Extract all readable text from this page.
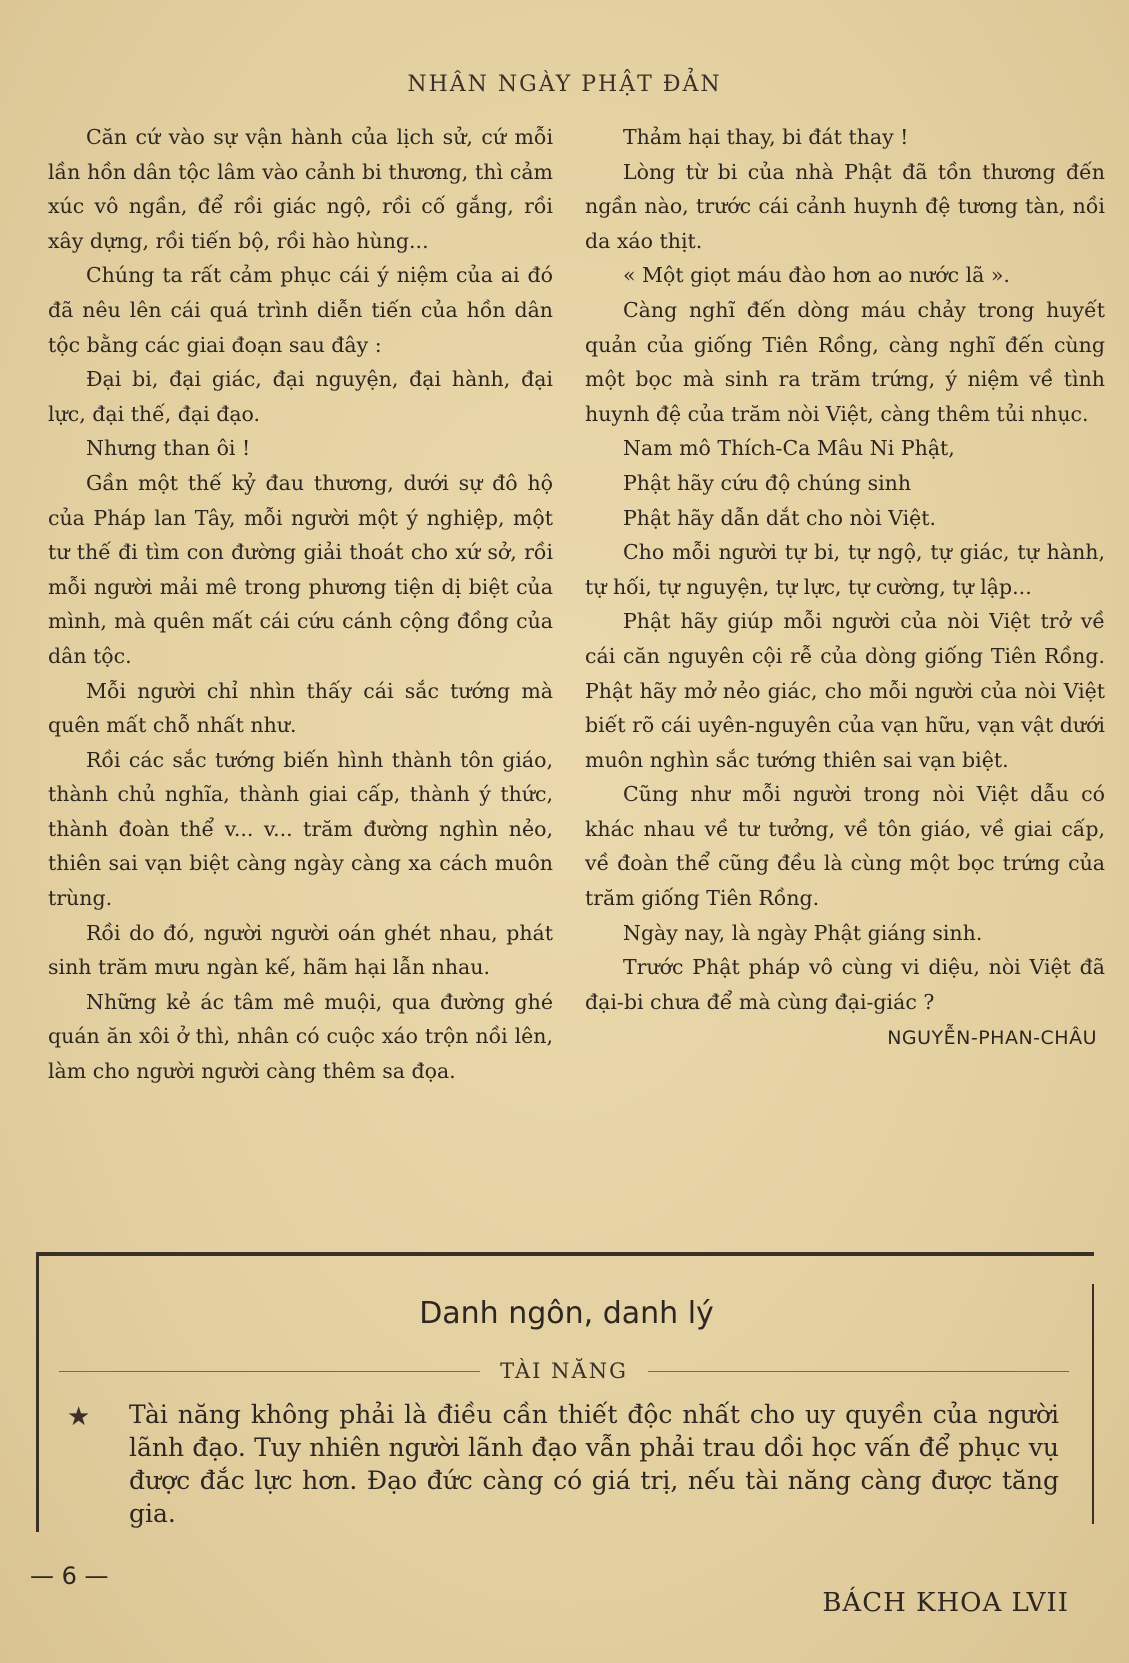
NHÂN NGÀY PHẬT ĐẢN

Căn cứ vào sự vận hành của lịch sử, cứ mỗi lần hồn dân tộc lâm vào cảnh bi thương, thì cảm xúc vô ngần, để rồi giác ngộ, rồi cố gắng, rồi xây dựng, rồi tiến bộ, rồi hào hùng...

Chúng ta rất cảm phục cái ý niệm của ai đó đã nêu lên cái quá trình diễn tiến của hồn dân tộc bằng các giai đoạn sau đây :

Đại bi, đại giác, đại nguyện, đại hành, đại lực, đại thế, đại đạo.

Nhưng than ôi !

Gần một thế kỷ đau thương, dưới sự đô hộ của Pháp lan Tây, mỗi người một ý nghiệp, một tư thế đi tìm con đường giải thoát cho xứ sở, rồi mỗi người mải mê trong phương tiện dị biệt của mình, mà quên mất cái cứu cánh cộng đồng của dân tộc.

Mỗi người chỉ nhìn thấy cái sắc tướng mà quên mất chỗ nhất như.

Rồi các sắc tướng biến hình thành tôn giáo, thành chủ nghĩa, thành giai cấp, thành ý thức, thành đoàn thể v... v... trăm đường nghìn nẻo, thiên sai vạn biệt càng ngày càng xa cách muôn trùng.

Rồi do đó, người người oán ghét nhau, phát sinh trăm mưu ngàn kế, hãm hại lẫn nhau.

Những kẻ ác tâm mê muội, qua đường ghé quán ăn xôi ở thì, nhân có cuộc xáo trộn nồi lên, làm cho người người càng thêm sa đọa.

Thảm hại thay, bi đát thay !

Lòng từ bi của nhà Phật đã tồn thương đến ngần nào, trước cái cảnh huynh đệ tương tàn, nồi da xáo thịt.

« Một giọt máu đào hơn ao nước lã ».

Càng nghĩ đến dòng máu chảy trong huyết quản của giống Tiên Rồng, càng nghĩ đến cùng một bọc mà sinh ra trăm trứng, ý niệm về tình huynh đệ của trăm nòi Việt, càng thêm tủi nhục.

Nam mô Thích-Ca Mâu Ni Phật,

Phật hãy cứu độ chúng sinh

Phật hãy dẫn dắt cho nòi Việt.

Cho mỗi người tự bi, tự ngộ, tự giác, tự hành, tự hối, tự nguyện, tự lực, tự cường, tự lập...

Phật hãy giúp mỗi người của nòi Việt trở về cái căn nguyên cội rễ của dòng giống Tiên Rồng. Phật hãy mở nẻo giác, cho mỗi người của nòi Việt biết rõ cái uyên-nguyên của vạn hữu, vạn vật dưới muôn nghìn sắc tướng thiên sai vạn biệt.

Cũng như mỗi người trong nòi Việt dẫu có khác nhau về tư tưởng, về tôn giáo, về giai cấp, về đoàn thể cũng đều là cùng một bọc trứng của trăm giống Tiên Rồng.

Ngày nay, là ngày Phật giáng sinh.

Trước Phật pháp vô cùng vi diệu, nòi Việt đã đại-bi chưa để mà cùng đại-giác ?

NGUYỄN-PHAN-CHÂU
Danh ngôn, danh lý
TÀI NĂNG
★ Tài năng không phải là điều cần thiết độc nhất cho uy quyền của người lãnh đạo. Tuy nhiên người lãnh đạo vẫn phải trau dồi học vấn để phục vụ được đắc lực hơn. Đạo đức càng có giá trị, nếu tài năng càng được tăng gia.
— 6 —
BÁCH KHOA LVII
